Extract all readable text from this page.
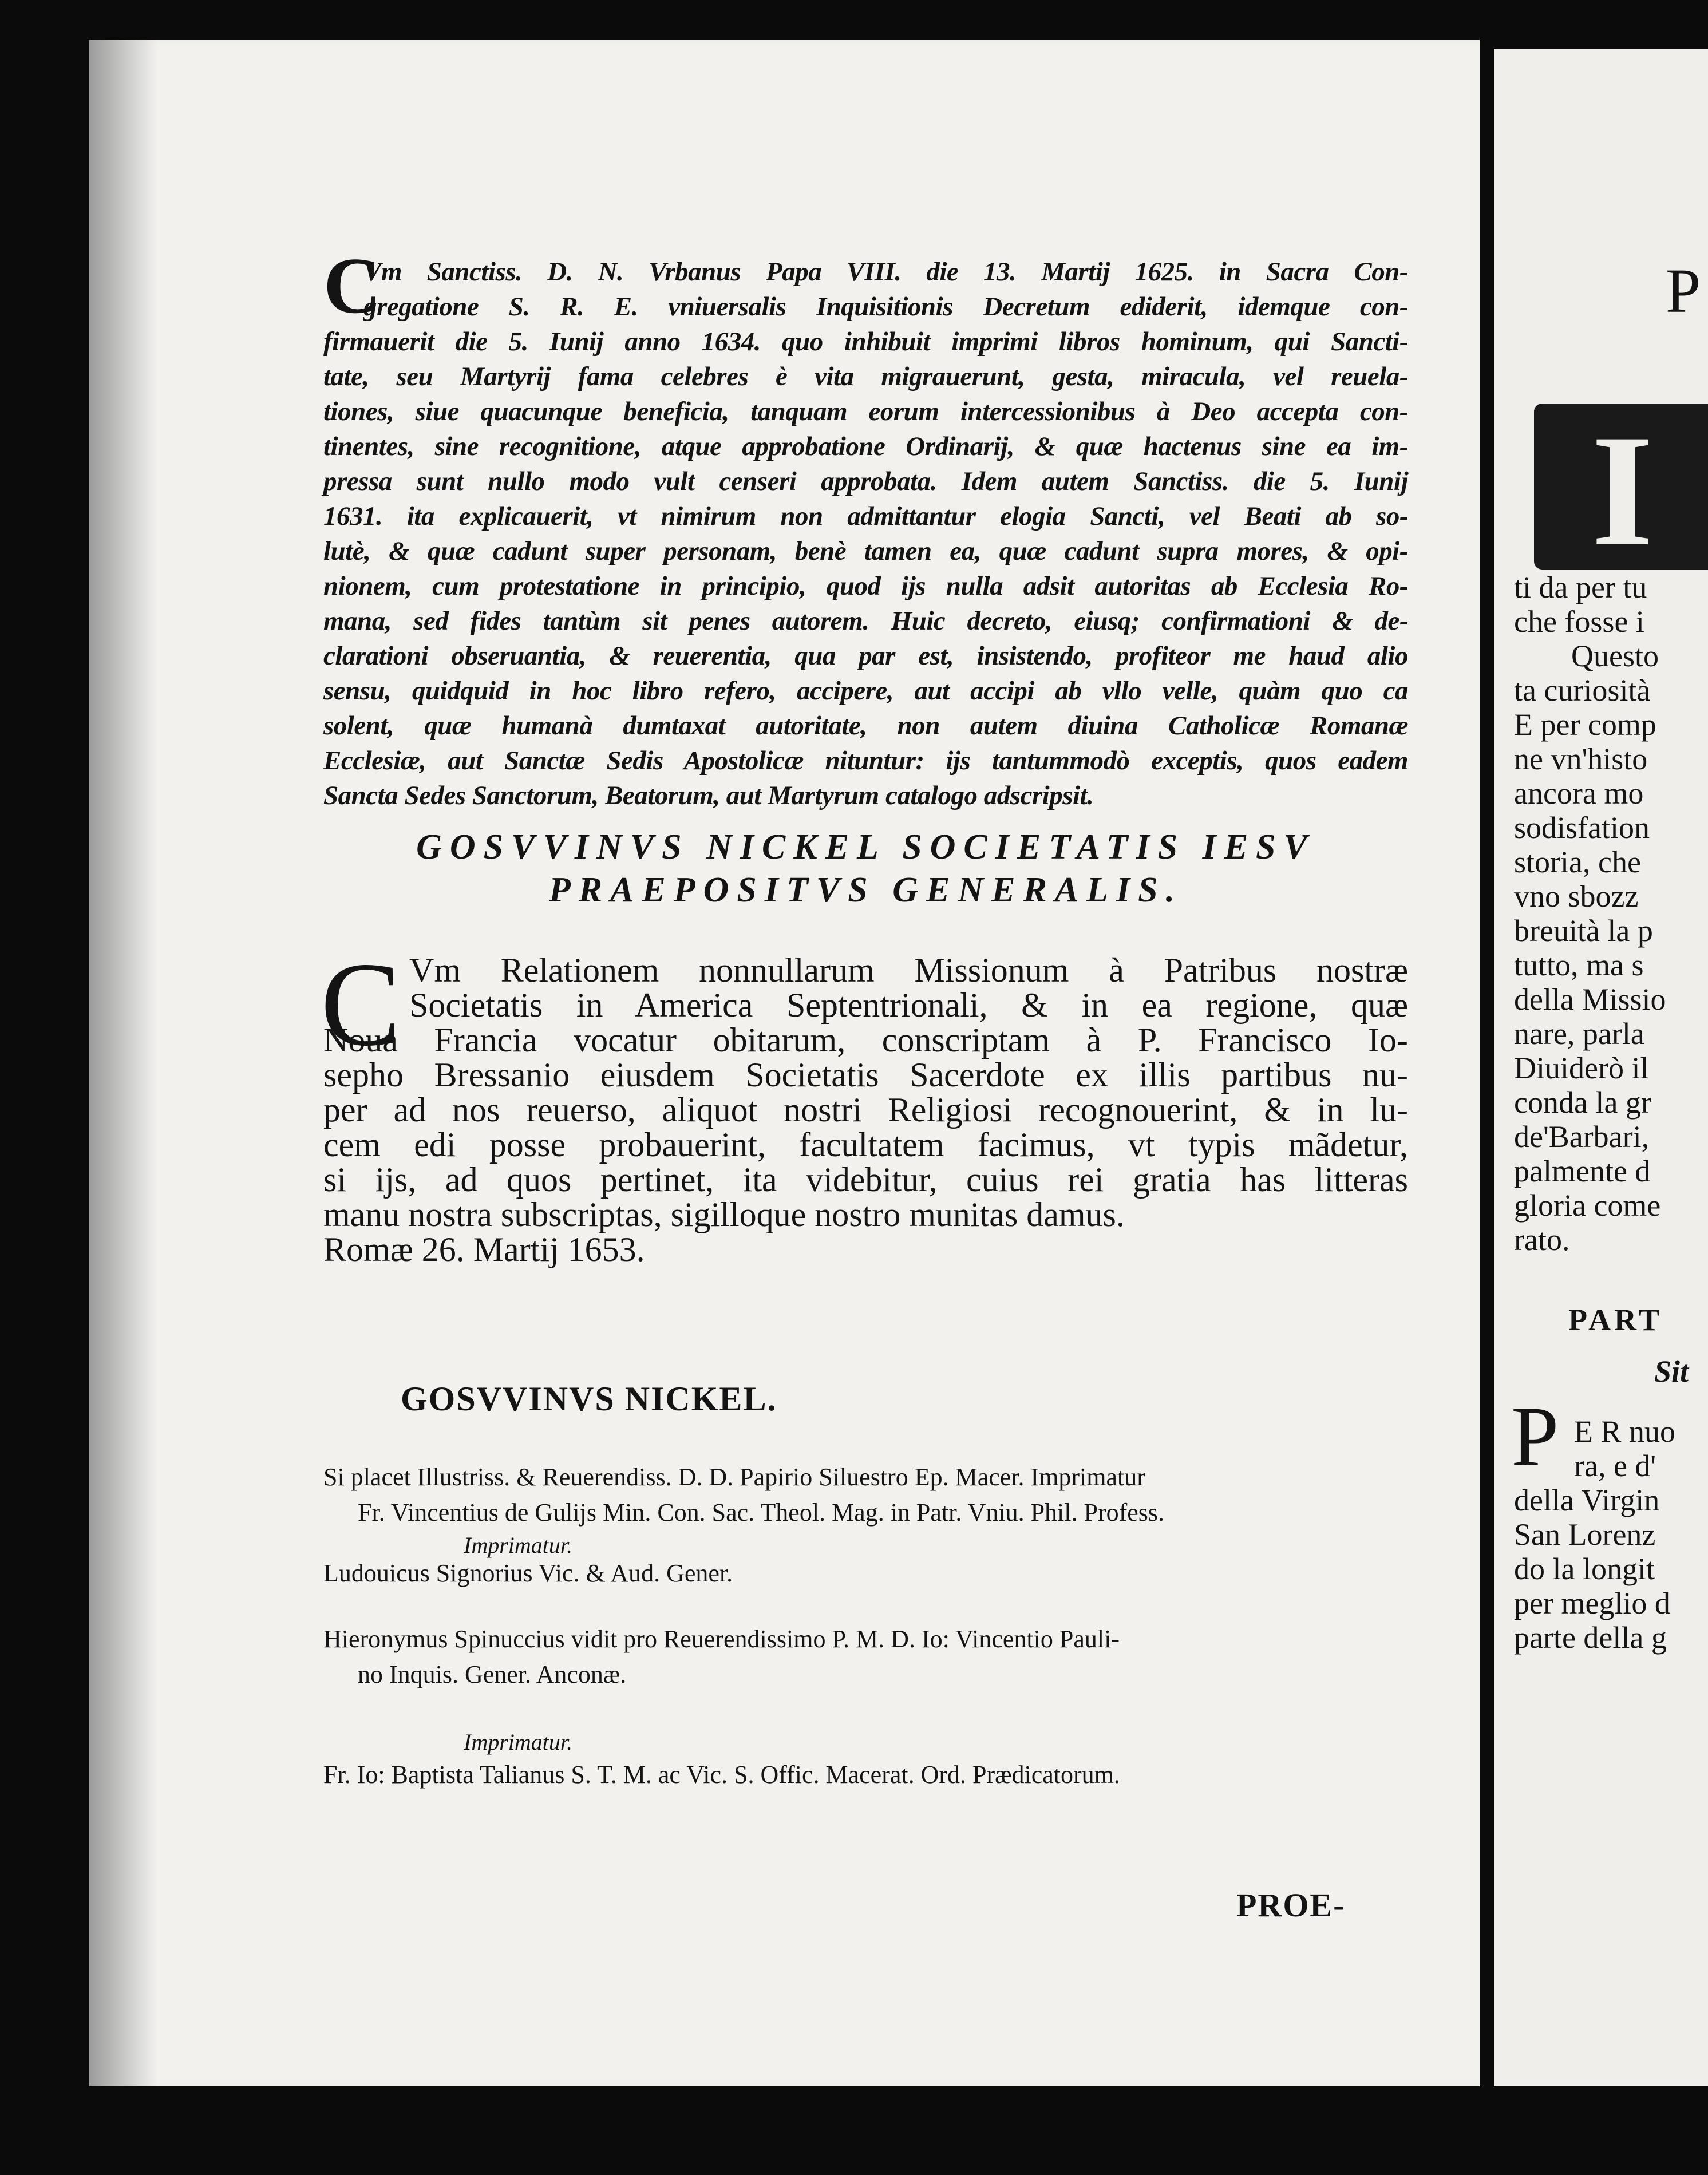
C
Vm Sanctiss. D. N. Vrbanus Papa VIII. die 13. Martij 1625. in Sacra Con-
gregatione S. R. E. vniuersalis Inquisitionis Decretum ediderit, idemque con-
firmauerit die 5. Iunij anno 1634. quo inhibuit imprimi libros hominum, qui Sancti-
tate, seu Martyrij fama celebres è vita migrauerunt, gesta, miracula, vel reuela-
tiones, siue quacunque beneficia, tanquam eorum intercessionibus à Deo accepta con-
tinentes, sine recognitione, atque approbatione Ordinarij, & quæ hactenus sine ea im-
pressa sunt nullo modo vult censeri approbata. Idem autem Sanctiss. die 5. Iunij
1631. ita explicauerit, vt nimirum non admittantur elogia Sancti, vel Beati ab so-
lutè, & quæ cadunt super personam, benè tamen ea, quæ cadunt supra mores, & opi-
nionem, cum protestatione in principio, quod ijs nulla adsit autoritas ab Ecclesia Ro-
mana, sed fides tantùm sit penes autorem. Huic decreto, eiusq; confirmationi & de-
clarationi obseruantia, & reuerentia, qua par est, insistendo, profiteor me haud alio
sensu, quidquid in hoc libro refero, accipere, aut accipi ab vllo velle, quàm quo ca
solent, quæ humanà dumtaxat autoritate, non autem diuina Catholicæ Romanæ
Ecclesiæ, aut Sanctæ Sedis Apostolicæ nituntur: ijs tantummodò exceptis, quos eadem
Sancta Sedes Sanctorum, Beatorum, aut Martyrum catalogo adscripsit.
GOSVVINVS NICKEL SOCIETATIS IESV
PRAEPOSITVS GENERALIS.
C Vm Relationem nonnullarum Missionum à Patribus nostræ
Societatis in America Septentrionali, & in ea regione, quæ
Noua Francia vocatur obitarum, conscriptam à P. Francisco Io-
sepho Bressanio eiusdem Societatis Sacerdote ex illis partibus nu-
per ad nos reuerso, aliquot nostri Religiosi recognouerint, & in lu-
cem edi posse probauerint, facultatem facimus, vt typis mãdetur,
si ijs, ad quos pertinet, ita videbitur, cuius rei gratia has litteras
manu nostra subscriptas, sigilloque nostro munitas damus.
Romæ 26. Martij 1653.
GOSVVINVS NICKEL.
Si placet Illustriss. & Reuerendiss. D. D. Papirio Siluestro Ep. Macer. Imprimatur
Fr. Vincentius de Gulijs Min. Con. Sac. Theol. Mag. in Patr. Vniu. Phil. Profess.
Imprimatur.
Ludouicus Signorius Vic. & Aud. Gener.
Hieronymus Spinuccius vidit pro Reuerendissimo P. M. D. Io: Vincentio Pauli-
no Inquis. Gener. Anconæ.
Imprimatur.
Fr. Io: Baptista Talianus S. T. M. ac Vic. S. Offic. Macerat. Ord. Prædicatorum.
PROE-
P
I
ti da per tu
che fosse i
Questo
ta curiosità
E per comp
ne vn'histo
ancora mo
sodisfation
storia, che
vno sbozz
breuità la p
tutto, ma s
della Missio
nare, parla
Diuiderò il
conda la gr
de'Barbari,
palmente d
gloria come
rato.
PART
Sit
P E R nuo
ra, e d'
della Virgin
San Lorenz
do la longit
per meglio d
parte della g
